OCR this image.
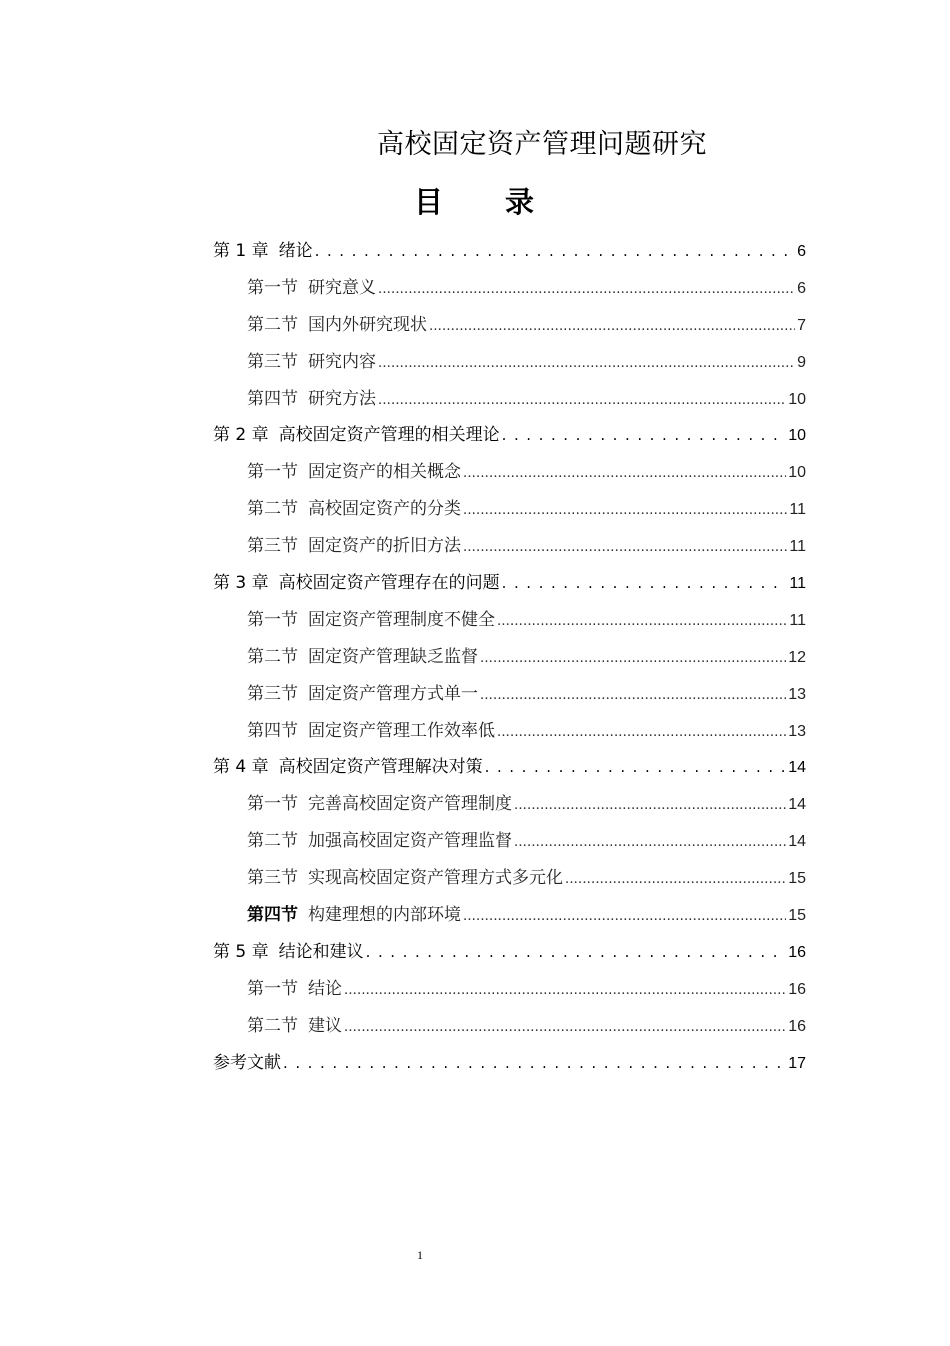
高校固定资产管理问题研究
目 录
第 1 章 绪论 . . .	6
第一节 研究意义 .....	6
第二节 国内外研究现状 .....	7
第三节 研究内容 .....	9
第四节 研究方法 .....	10
第 2 章 高校固定资产管理的相关理论 . . .	10
第一节 固定资产的相关概念 .....	10
第二节 高校固定资产的分类 .....	11
第三节 固定资产的折旧方法 .....	11
第 3 章 高校固定资产管理存在的问题 . . .	11
第一节 固定资产管理制度不健全 .....	11
第二节 固定资产管理缺乏监督 .....	12
第三节 固定资产管理方式单一 .....	13
第四节 固定资产管理工作效率低 .....	13
第 4 章 高校固定资产管理解决对策 . . .	14
第一节 完善高校固定资产管理制度 .....	14
第二节 加强高校固定资产管理监督 .....	14
第三节 实现高校固定资产管理方式多元化 .....	15
第四节 构建理想的内部环境 .....	15
第 5 章 结论和建议 . . .	16
第一节 结论 .....	16
第二节 建议 .....	16
参考文献 . . .	17
1
